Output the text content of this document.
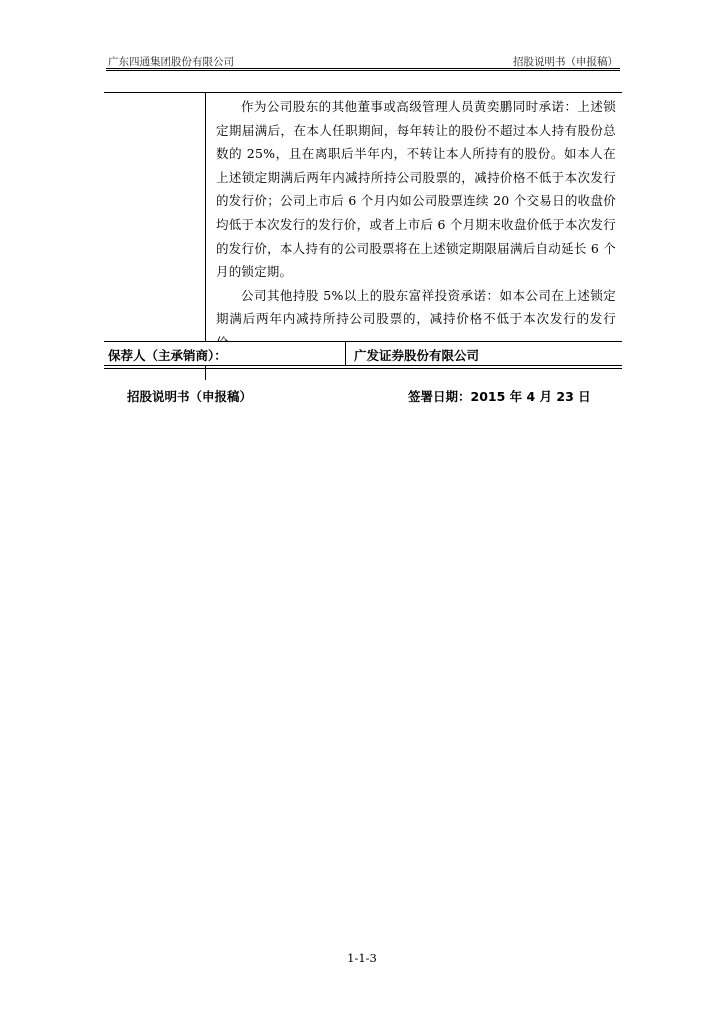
广东四通集团股份有限公司	招股说明书（申报稿）

	作为公司股东的其他董事或高级管理人员黄奕鹏同时承诺：上述锁定期届满后，在本人任职期间，每年转让的股份不超过本人持有股份总数的 25%，且在离职后半年内，不转让本人所持有的股份。如本人在上述锁定期满后两年内减持所持公司股票的，减持价格不低于本次发行的发行价；公司上市后 6 个月内如公司股票连续 20 个交易日的收盘价均低于本次发行的发行价，或者上市后 6 个月期末收盘价低于本次发行的发行价，本人持有的公司股票将在上述锁定期限届满后自动延长 6 个月的锁定期。

公司其他持股 5%以上的股东富祥投资承诺：如本公司在上述锁定期满后两年内减持所持公司股票的，减持价格不低于本次发行的发行

保荐人（主承销商）：	广发证券股份有限公司
招股说明书（申报稿）	签署日期：2015 年 4 月 23 日
1-1-3
